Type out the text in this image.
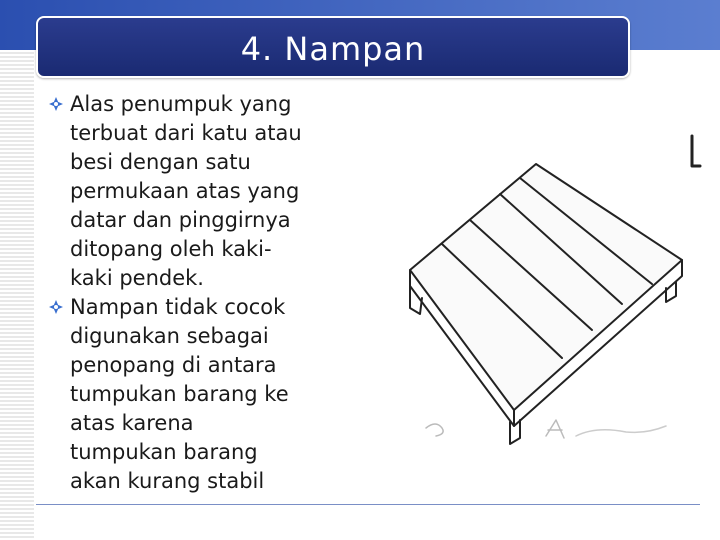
4. Nampan
Alas penumpuk yang
terbuat dari katu atau
besi dengan satu
permukaan atas yang
datar dan pinggirnya
ditopang oleh kaki-
kaki pendek.
Nampan tidak cocok
digunakan sebagai
penopang di antara
tumpukan barang ke
atas karena
tumpukan barang
akan kurang stabil
